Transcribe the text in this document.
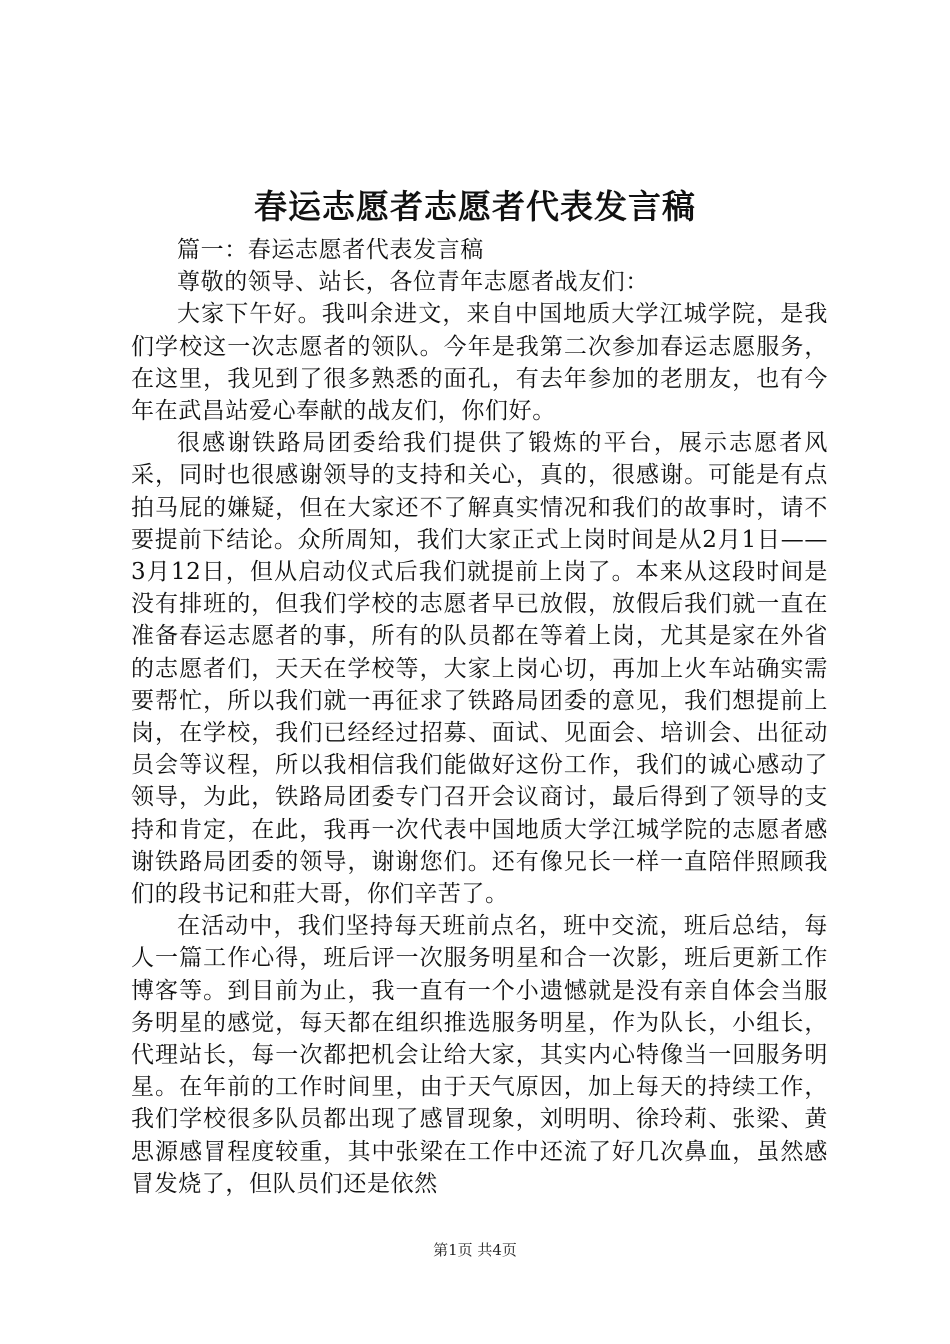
春运志愿者志愿者代表发言稿

篇一：春运志愿者代表发言稿

尊敬的领导、站长，各位青年志愿者战友们：

大家下午好。我叫余进文，来自中国地质大学江城学院，是我们学校这一次志愿者的领队。今年是我第二次参加春运志愿服务，在这里，我见到了很多熟悉的面孔，有去年参加的老朋友，也有今年在武昌站爱心奉献的战友们，你们好。

很感谢铁路局团委给我们提供了锻炼的平台，展示志愿者风采，同时也很感谢领导的支持和关心，真的，很感谢。可能是有点拍马屁的嫌疑，但在大家还不了解真实情况和我们的故事时，请不要提前下结论。众所周知，我们大家正式上岗时间是从2月1日——3月12日，但从启动仪式后我们就提前上岗了。本来从这段时间是没有排班的，但我们学校的志愿者早已放假，放假后我们就一直在准备春运志愿者的事，所有的队员都在等着上岗，尤其是家在外省的志愿者们，天天在学校等，大家上岗心切，再加上火车站确实需要帮忙，所以我们就一再征求了铁路局团委的意见，我们想提前上岗，在学校，我们已经经过招募、面试、见面会、培训会、出征动员会等议程，所以我相信我们能做好这份工作，我们的诚心感动了领导，为此，铁路局团委专门召开会议商讨，最后得到了领导的支持和肯定，在此，我再一次代表中国地质大学江城学院的志愿者感谢铁路局团委的领导，谢谢您们。还有像兄长一样一直陪伴照顾我们的段书记和莊大哥，你们辛苦了。

在活动中，我们坚持每天班前点名，班中交流，班后总结，每人一篇工作心得，班后评一次服务明星和合一次影，班后更新工作博客等。到目前为止，我一直有一个小遗憾就是没有亲自体会当服务明星的感觉，每天都在组织推选服务明星，作为队长，小组长，代理站长，每一次都把机会让给大家，其实内心特像当一回服务明星。在年前的工作时间里，由于天气原因，加上每天的持续工作，我们学校很多队员都出现了感冒现象，刘明明、徐玲莉、张梁、黄思源感冒程度较重，其中张梁在工作中还流了好几次鼻血，虽然感冒发烧了，但队员们还是依然

第1页 共4页
